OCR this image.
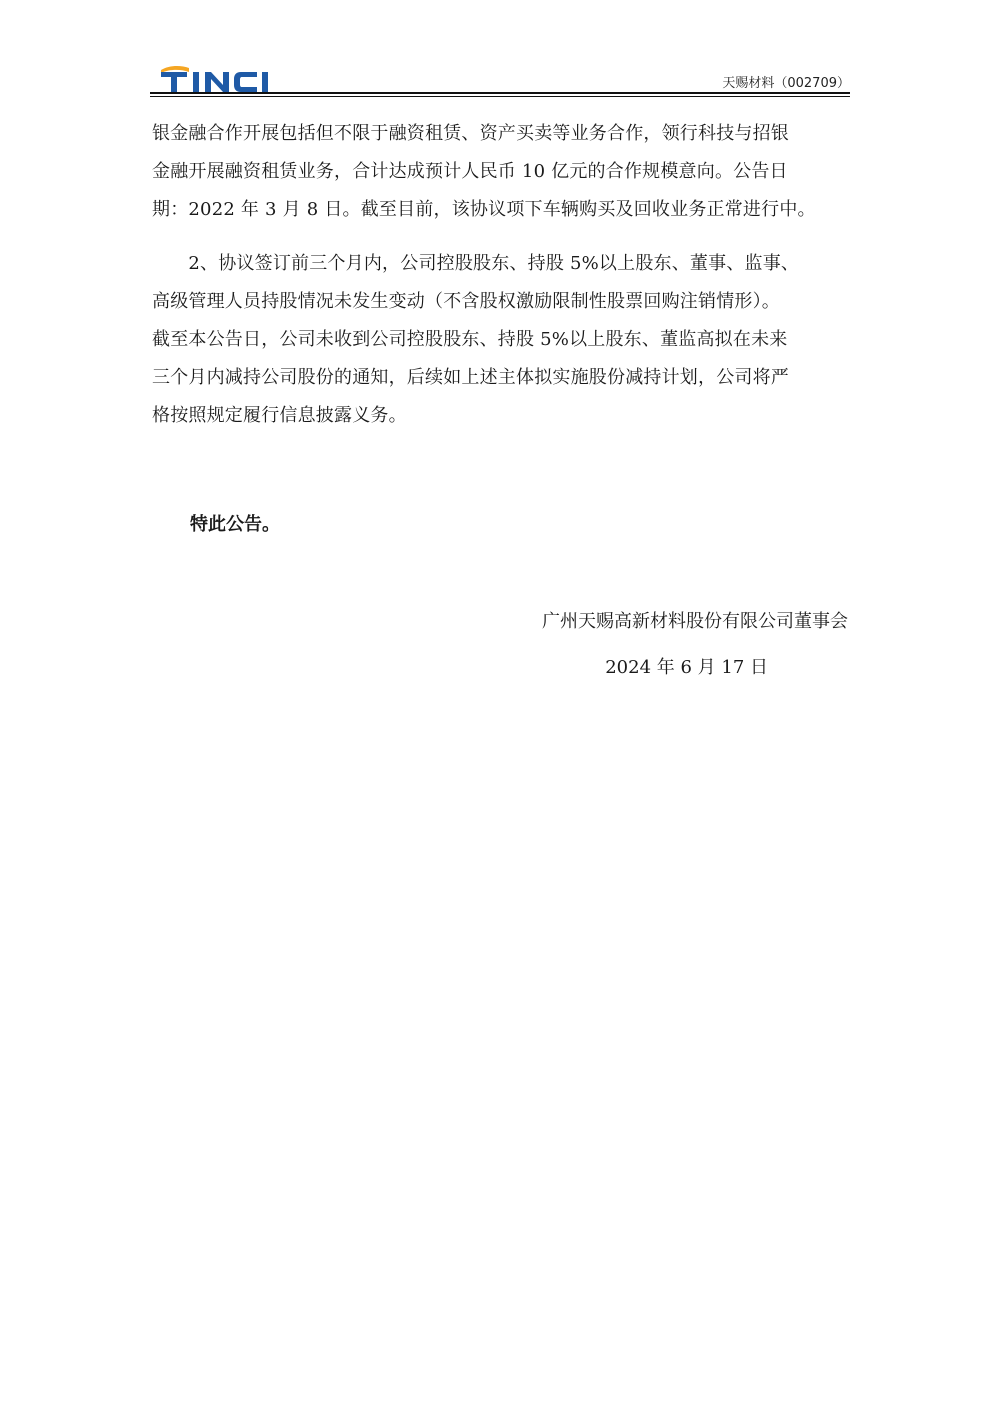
天赐材料（002709）
银金融合作开展包括但不限于融资租赁、资产买卖等业务合作，领行科技与招银
金融开展融资租赁业务，合计达成预计人民币 10 亿元的合作规模意向。公告日
期：2022 年 3 月 8 日。截至目前，该协议项下车辆购买及回收业务正常进行中。
　　2、协议签订前三个月内，公司控股股东、持股 5%以上股东、董事、监事、
高级管理人员持股情况未发生变动（不含股权激励限制性股票回购注销情形）。
截至本公告日，公司未收到公司控股股东、持股 5%以上股东、董监高拟在未来
三个月内减持公司股份的通知，后续如上述主体拟实施股份减持计划，公司将严
格按照规定履行信息披露义务。
特此公告。
广州天赐高新材料股份有限公司董事会
2024 年 6 月 17 日
